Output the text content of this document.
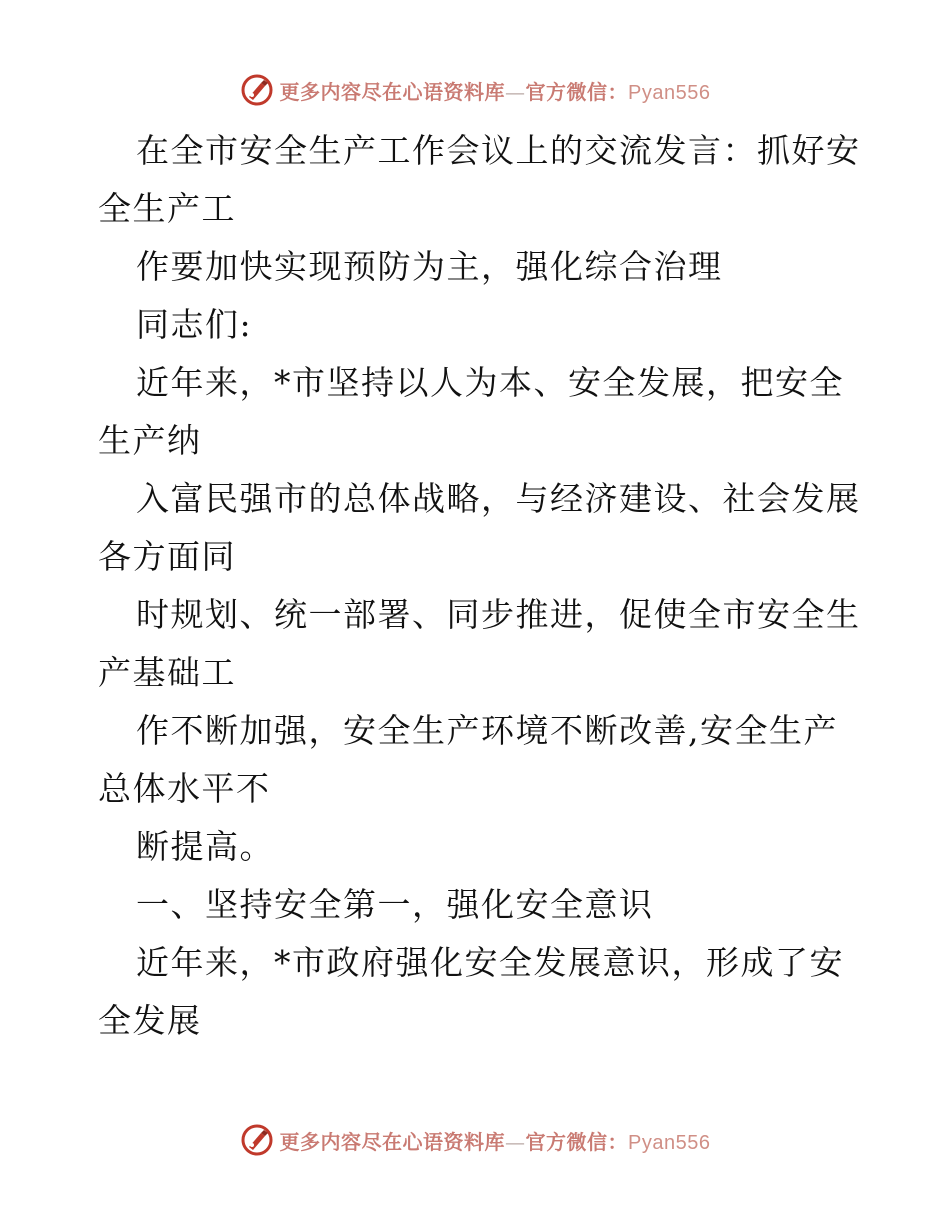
更多内容尽在心语资料库—官方微信：Pyan556
在全市安全生产工作会议上的交流发言：抓好安
全生产工
作要加快实现预防为主，强化综合治理
同志们:
近年来，*市坚持以人为本、安全发展，把安全
生产纳
入富民强市的总体战略，与经济建设、社会发展
各方面同
时规划、统一部署、同步推进，促使全市安全生
产基础工
作不断加强，安全生产环境不断改善,安全生产
总体水平不
断提高。
一、坚持安全第一，强化安全意识
近年来，*市政府强化安全发展意识，形成了安
全发展
更多内容尽在心语资料库—官方微信：Pyan556
